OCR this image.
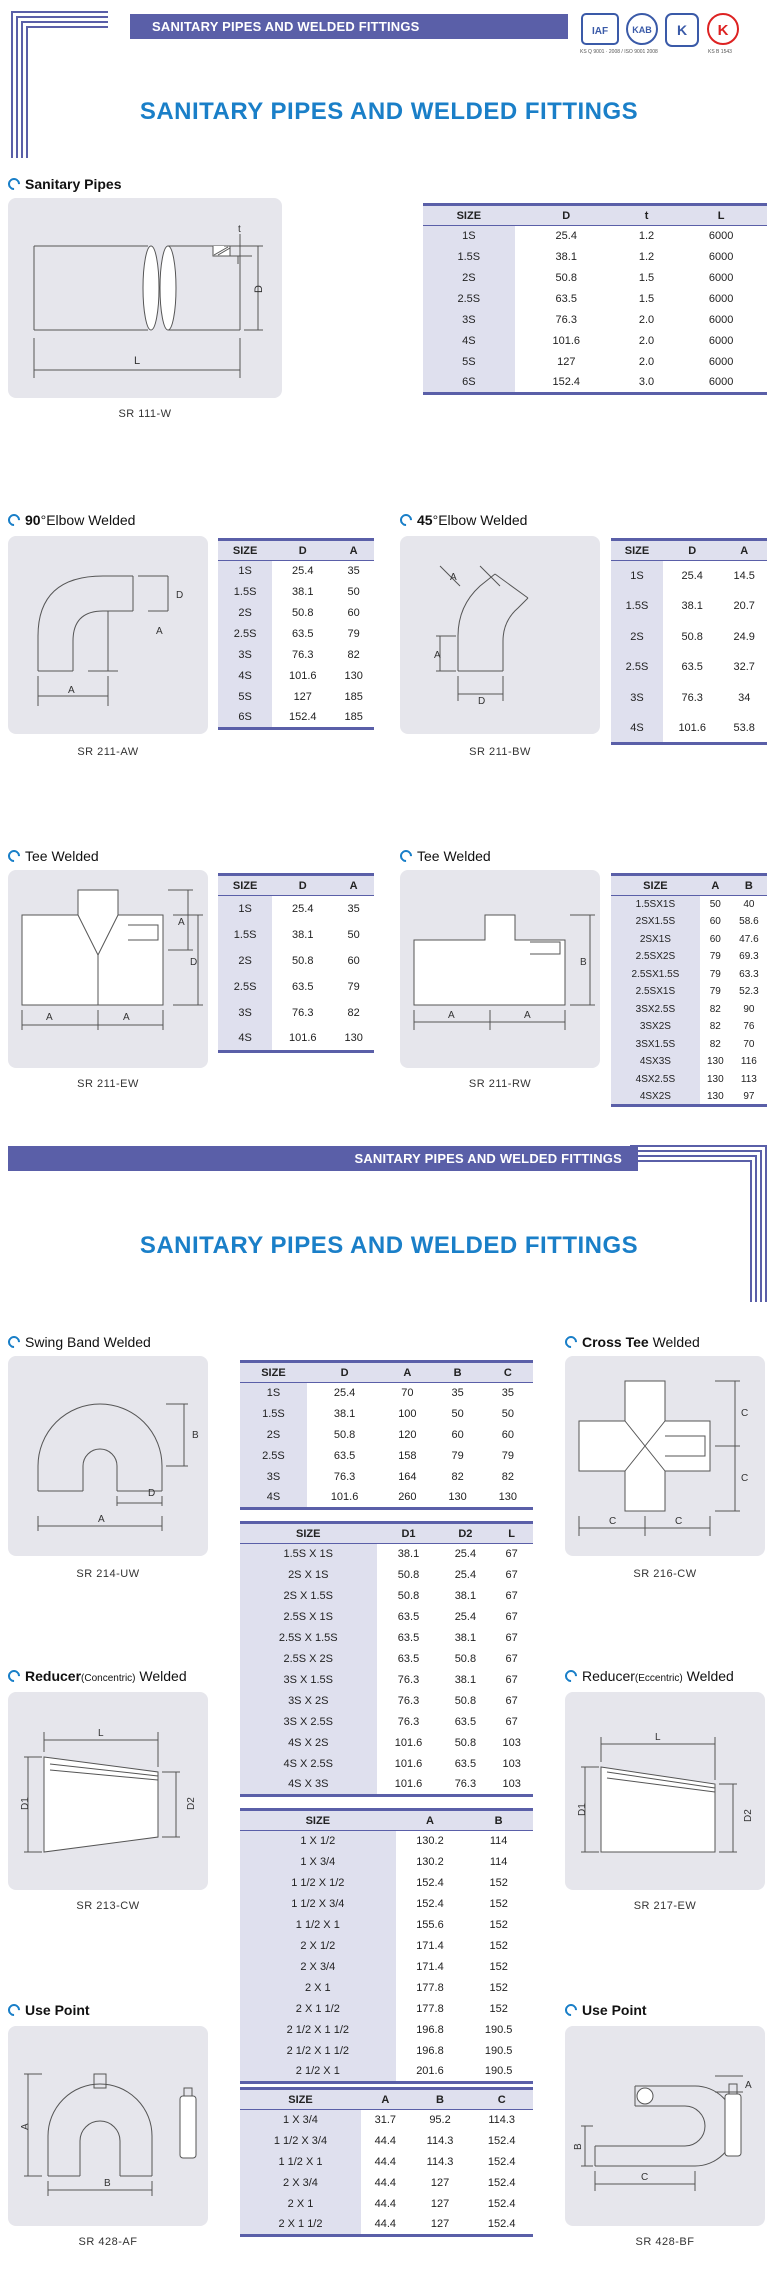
SANITARY PIPES AND WELDED FITTINGS	IAF	KAB K K
KS Q 9001 · 2008 / ISO 9001 2008	KS B 1543
SANITARY PIPES AND WELDED FITTINGS
Sanitary Pipes
t
D
L
SR 111-W
SIZE	D	t	L
1S	25.4	1.2	6000
1.5S	38.1	1.2	6000
2S	50.8	1.5	6000
2.5S	63.5	1.5	6000
3S	76.3	2.0	6000
4S	101.6	2.0	6000
5S	127	2.0	6000
6S	152.4	3.0	6000
90°Elbow Welded
D
A
A
SR 211-AW
SIZE	D	A
1S	25.4	35
1.5S	38.1	50
2S	50.8	60
2.5S	63.5	79
3S	76.3	82
4S	101.6	130
5S	127	185
6S	152.4	185
45°Elbow Welded
A
A
D
SR 211-BW
SIZE	D	A
1S	25.4	14.5
1.5S	38.1	20.7
2S	50.8	24.9
2.5S	63.5	32.7
3S	76.3	34
4S	101.6	53.8
Tee Welded
A	A
A
D
SR 211-EW
SIZE	D	A
1S	25.4	35
1.5S	38.1	50
2S	50.8	60
2.5S	63.5	79
3S	76.3	82
4S	101.6	130
Tee Welded
A	A
B
SR 211-RW
SIZE	A	B
1.5SX1S	50	40
2SX1.5S	60	58.6
2SX1S	60	47.6
2.5SX2S	79	69.3
2.5SX1.5S	79	63.3
2.5SX1S	79	52.3
3SX2.5S	82	90
3SX2S	82	76
3SX1.5S	82	70
4SX3S	130	116
4SX2.5S	130	113
4SX2S	130	97
SANITARY PIPES AND WELDED FITTINGS
SANITARY PIPES AND WELDED FITTINGS
Swing Band Welded
B
D
A
SR 214-UW
SIZE	D	A	B	C
1S	25.4	70	35	35
1.5S	38.1	100	50	50
2S	50.8	120	60	60
2.5S	63.5	158	79	79
3S	76.3	164	82	82
4S	101.6	260	130	130
SIZE	D1	D2	L
1.5S X 1S	38.1	25.4	67
2S X 1S	50.8	25.4	67
2S X 1.5S	50.8	38.1	67
2.5S X 1S	63.5	25.4	67
2.5S X 1.5S	63.5	38.1	67
2.5S X 2S	63.5	50.8	67
3S X 1.5S	76.3	38.1	67
3S X 2S	76.3	50.8	67
3S X 2.5S	76.3	63.5	67
4S X 2S	101.6	50.8	103
4S X 2.5S	101.6	63.5	103
4S X 3S	101.6	76.3	103
SIZE	A	B
1 X 1/2	130.2	114
1 X 3/4	130.2	114
1 1/2 X 1/2	152.4	152
1 1/2 X 3/4	152.4	152
1 1/2 X 1	155.6	152
2 X 1/2	171.4	152
2 X 3/4	171.4	152
2 X 1	177.8	152
2 X 1 1/2	177.8	152
2 1/2 X 1 1/2	196.8	190.5
2 1/2 X 1 1/2	196.8	190.5
2 1/2 X 1	201.6	190.5
SIZE	A	B	C
1 X 3/4	31.7	95.2	114.3
1 1/2 X 3/4	44.4	114.3	152.4
1 1/2 X 1	44.4	114.3	152.4
2 X 3/4	44.4	127	152.4
2 X 1	44.4	127	152.4
2 X 1 1/2	44.4	127	152.4
Cross Tee Welded
C
C
C	C
SR 216-CW
Reducer(Concentric) Welded
L
D1	D2
SR 213-CW
Reducer(Eccentric) Welded
L
D1	D2
SR 217-EW
Use Point
A
B
SR 428-AF
Use Point
A
B
C
SR 428-BF
